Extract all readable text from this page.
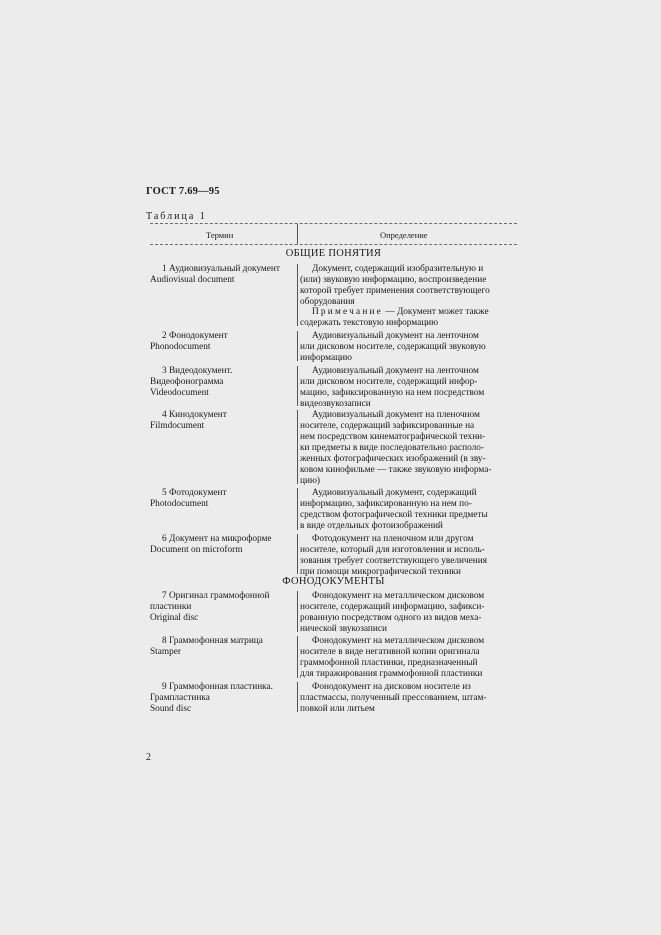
ГОСТ 7.69—95
Таблица 1
Термин	Определение
ОБЩИЕ ПОНЯТИЯ
1 Аудиовизуальный документ
Audiovisual document
Документ, содержащий изобразительную и
(или) звуковую информацию, воспроизведение
которой требует применения соответствующего
оборудования
Примечание — Документ может также
содержать текстовую информацию
2 Фонодокумент
Phonodocument
Аудиовизуальный документ на ленточном
или дисковом носителе, содержащий звуковую
информацию
3 Видеодокумент.
Видеофонограмма
Videodocument
Аудиовизуальный документ на ленточном
или дисковом носителе, содержащий инфор-
мацию, зафиксированную на нем посредством
видеозвукозаписи
4 Кинодокумент
Filmdocument
Аудиовизуальный документ на пленочном
носителе, содержащий зафиксированные на
нем посредством кинематографической техни-
ки предметы в виде последовательно располо-
женных фотографических изображений (в зву-
ковом кинофильме — также звуковую информа-
цию)
5 Фотодокумент
Photodocument
Аудиовизуальный документ, содержащий
информацию, зафиксированную на нем по-
средством фотографической техники предметы
в виде отдельных фотоизображений
6 Документ на микроформе
Document on microform
Фотодокумент на пленочном или другом
носителе, который для изготовления и исполь-
зования требует соответствующего увеличения
при помощи микрографической техники
ФОНОДОКУМЕНТЫ
7 Оригинал граммофонной
пластинки
Original disc
Фонодокумент на металлическом дисковом
носителе, содержащий информацию, зафикси-
рованную посредством одного из видов меха-
нической звукозаписи
8 Граммофонная матрица
Stamper
Фонодокумент на металлическом дисковом
носителе в виде негативной копии оригинала
граммофонной пластинки, предназначенный
для тиражирования граммофонной пластинки
9 Граммофонная пластинка.
Грампластинка
Sound disc
Фонодокумент на дисковом носителе из
пластмассы, полученный прессованием, штам-
повкой или литьем
2
